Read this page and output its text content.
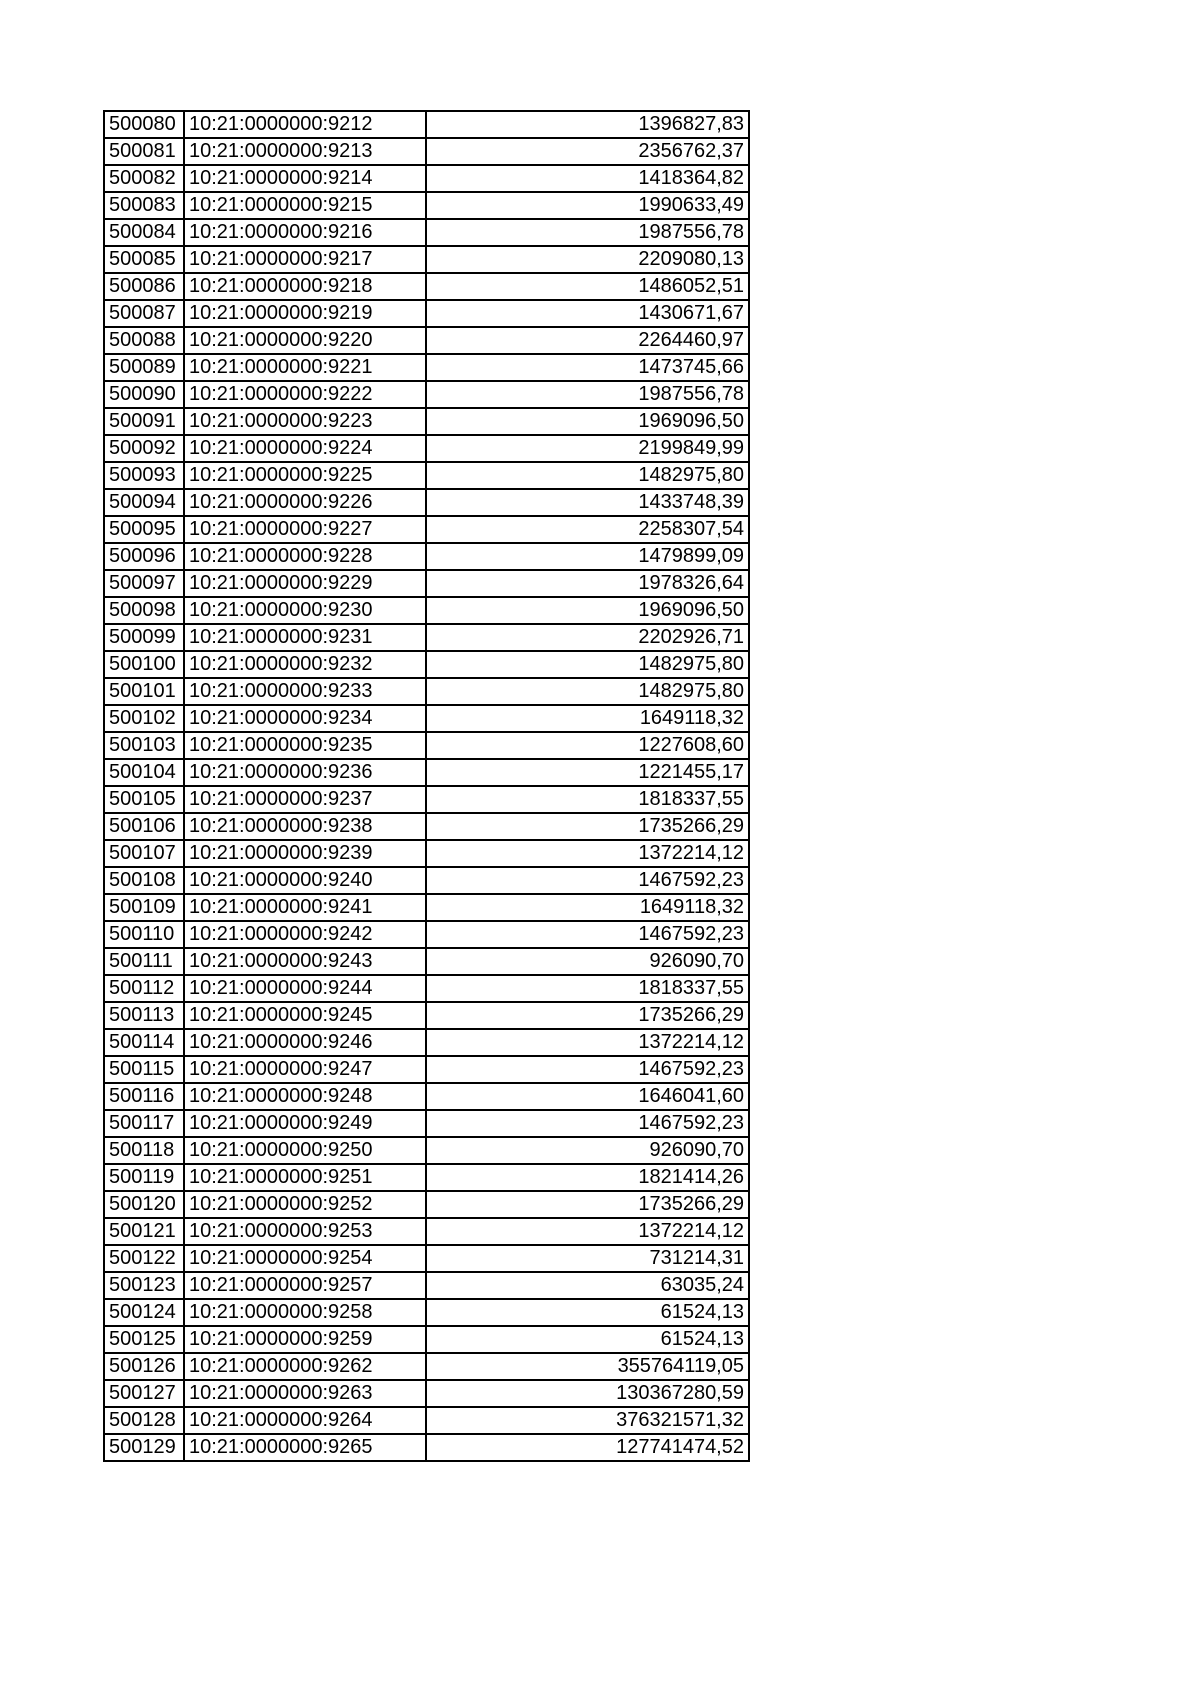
500080	10:21:0000000:9212	1396827,83
500081	10:21:0000000:9213	2356762,37
500082	10:21:0000000:9214	1418364,82
500083	10:21:0000000:9215	1990633,49
500084	10:21:0000000:9216	1987556,78
500085	10:21:0000000:9217	2209080,13
500086	10:21:0000000:9218	1486052,51
500087	10:21:0000000:9219	1430671,67
500088	10:21:0000000:9220	2264460,97
500089	10:21:0000000:9221	1473745,66
500090	10:21:0000000:9222	1987556,78
500091	10:21:0000000:9223	1969096,50
500092	10:21:0000000:9224	2199849,99
500093	10:21:0000000:9225	1482975,80
500094	10:21:0000000:9226	1433748,39
500095	10:21:0000000:9227	2258307,54
500096	10:21:0000000:9228	1479899,09
500097	10:21:0000000:9229	1978326,64
500098	10:21:0000000:9230	1969096,50
500099	10:21:0000000:9231	2202926,71
500100	10:21:0000000:9232	1482975,80
500101	10:21:0000000:9233	1482975,80
500102	10:21:0000000:9234	1649118,32
500103	10:21:0000000:9235	1227608,60
500104	10:21:0000000:9236	1221455,17
500105	10:21:0000000:9237	1818337,55
500106	10:21:0000000:9238	1735266,29
500107	10:21:0000000:9239	1372214,12
500108	10:21:0000000:9240	1467592,23
500109	10:21:0000000:9241	1649118,32
500110	10:21:0000000:9242	1467592,23
500111	10:21:0000000:9243	926090,70
500112	10:21:0000000:9244	1818337,55
500113	10:21:0000000:9245	1735266,29
500114	10:21:0000000:9246	1372214,12
500115	10:21:0000000:9247	1467592,23
500116	10:21:0000000:9248	1646041,60
500117	10:21:0000000:9249	1467592,23
500118	10:21:0000000:9250	926090,70
500119	10:21:0000000:9251	1821414,26
500120	10:21:0000000:9252	1735266,29
500121	10:21:0000000:9253	1372214,12
500122	10:21:0000000:9254	731214,31
500123	10:21:0000000:9257	63035,24
500124	10:21:0000000:9258	61524,13
500125	10:21:0000000:9259	61524,13
500126	10:21:0000000:9262	355764119,05
500127	10:21:0000000:9263	130367280,59
500128	10:21:0000000:9264	376321571,32
500129	10:21:0000000:9265	127741474,52
